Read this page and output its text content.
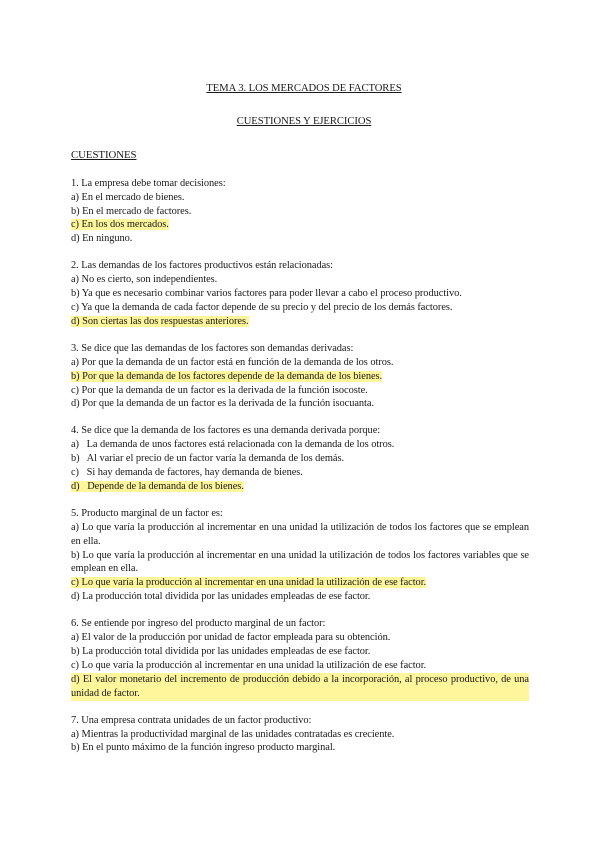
TEMA 3. LOS MERCADOS DE FACTORES

CUESTIONES Y EJERCICIOS

CUESTIONES

1. La empresa debe tomar decisiones:

a) En el mercado de bienes.

b) En el mercado de factores.

c) En los dos mercados.

d) En ninguno.

2. Las demandas de los factores productivos están relacionadas:

a) No es cierto, son independientes.

b) Ya que es necesario combinar varios factores para poder llevar a cabo el proceso productivo.

c) Ya que la demanda de cada factor depende de su precio y del precio de los demás factores.

d) Son ciertas las dos respuestas anteriores.

3. Se dice que las demandas de los factores son demandas derivadas:

a) Por que la demanda de un factor está en función de la demanda de los otros.

b) Por que la demanda de los factores depende de la demanda de los bienes.

c) Por que la demanda de un factor es la derivada de la función isocoste.

d) Por que la demanda de un factor es la derivada de la función isocuanta.

4. Se dice que la demanda de los factores es una demanda derivada porque:

a)   La demanda de unos factores está relacionada con la demanda de los otros.

b)   Al variar el precio de un factor varía la demanda de los demás.

c)   Si hay demanda de factores, hay demanda de bienes.

d)   Depende de la demanda de los bienes.

5. Producto marginal de un factor es:

a) Lo que varía la producción al incrementar en una unidad la utilización de todos los factores que se emplean en ella.

b) Lo que varía la producción al incrementar en una unidad la utilización de todos los factores variables que se emplean en ella.

c) Lo que varía la producción al incrementar en una unidad la utilización de ese factor.

d) La producción total dividida por las unidades empleadas de ese factor.

6. Se entiende por ingreso del producto marginal de un factor:

a) El valor de la producción por unidad de factor empleada para su obtención.

b) La producción total dividida por las unidades empleadas de ese factor.

c) Lo que varía la producción al incrementar en una unidad la utilización de ese factor.

d) El valor monetario del incremento de producción debido a la incorporación, al proceso productivo, de una unidad de factor.

7. Una empresa contrata unidades de un factor productivo:

a) Mientras la productividad marginal de las unidades contratadas es creciente.

b) En el punto máximo de la función ingreso producto marginal.
